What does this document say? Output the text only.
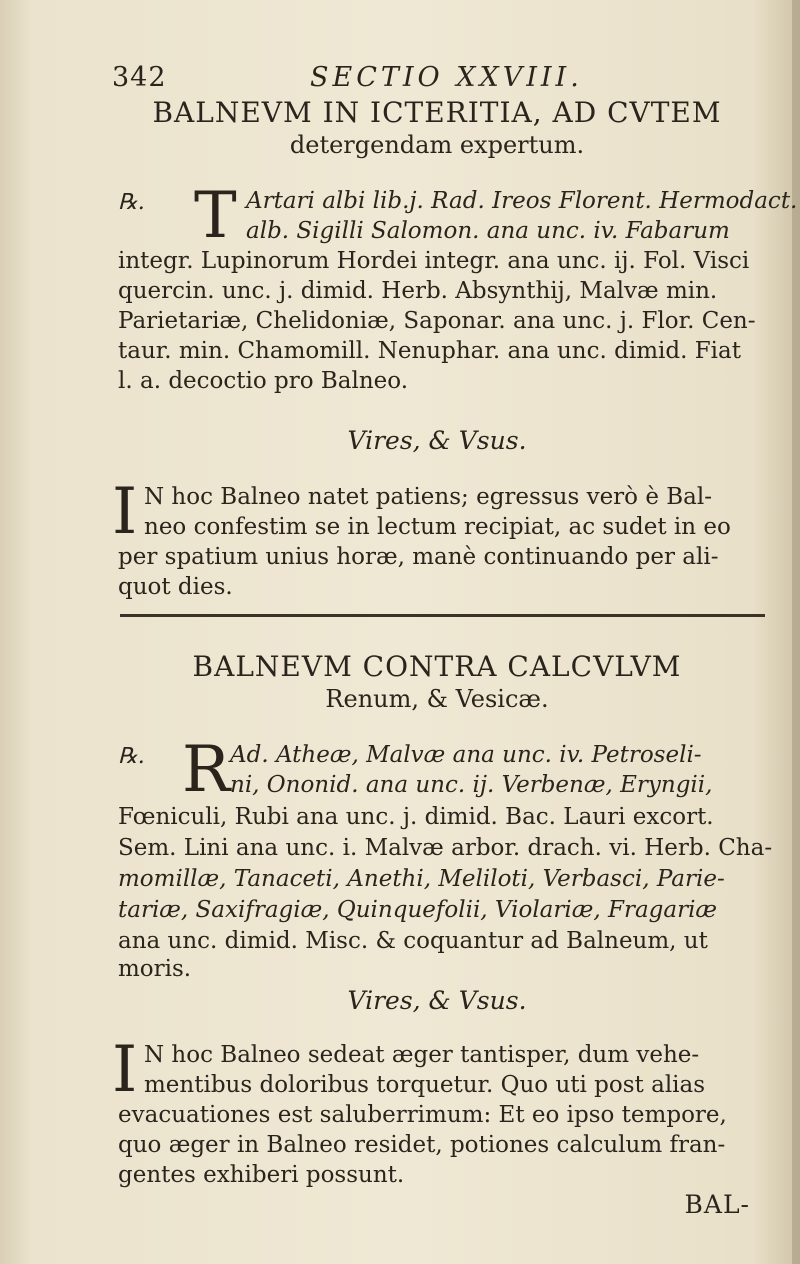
342	SECTIO XXVIII.
BALNEVM IN ICTERITIA, AD CVTEM
detergendam expertum.
℞. T Artari albi lib.j. Rad. Ireos Florent. Hermodact.
alb. Sigilli Salomon. ana unc. iv. Fabarum
integr. Lupinorum Hordei integr. ana unc. ij. Fol. Visci
quercin. unc. j. dimid. Herb. Absynthij, Malvæ min.
Parietariæ, Chelidoniæ, Saponar. ana unc. j. Flor. Cen-
taur. min. Chamomill. Nenuphar. ana unc. dimid. Fiat
l. a. decoctio pro Balneo.
Vires, & Vsus.
I N hoc Balneo natet patiens; egressus verò è Bal-
neo confestim se in lectum recipiat, ac sudet in eo
per spatium unius horæ, manè continuando per ali-
quot dies.
BALNEVM CONTRA CALCVLVM
Renum, & Vesicæ.
℞. R Ad. Atheæ, Malvæ ana unc. iv. Petroseli-
ni, Ononid. ana unc. ij. Verbenæ, Eryngii,
Fœniculi, Rubi ana unc. j. dimid. Bac. Lauri excort.
Sem. Lini ana unc. i. Malvæ arbor. drach. vi. Herb. Cha-
momillæ, Tanaceti, Anethi, Meliloti, Verbasci, Parie-
tariæ, Saxifragiæ, Quinquefolii, Violariæ, Fragariæ
ana unc. dimid. Misc. & coquantur ad Balneum, ut
moris.
Vires, & Vsus.
I N hoc Balneo sedeat æger tantisper, dum vehe-
mentibus doloribus torquetur. Quo uti post alias
evacuationes est saluberrimum: Et eo ipso tempore,
quo æger in Balneo residet, potiones calculum fran-
gentes exhiberi possunt.
BAL-
